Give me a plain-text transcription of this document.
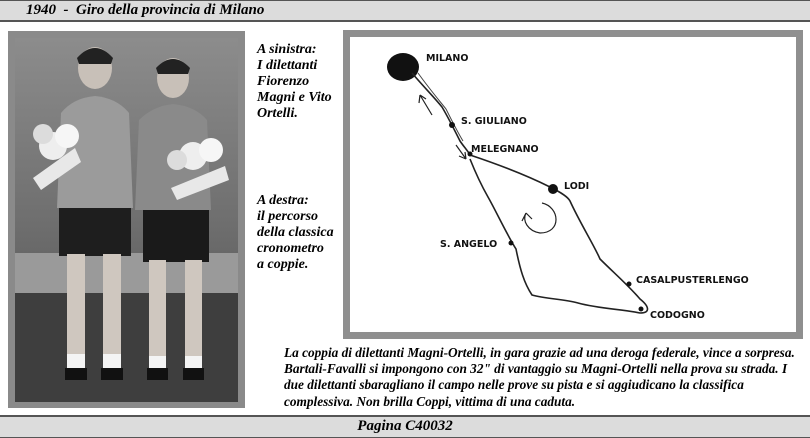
1940  -  Giro della provincia di Milano
A sinistra:
I dilettanti
Fiorenzo
Magni e Vito
Ortelli.
A destra:
il percorso
della classica
cronometro
a coppie.
MILANO
S. GIULIANO
MELEGNANO
LODI
S. ANGELO
CASALPUSTERLENGO
CODOGNO
La coppia di dilettanti Magni-Ortelli, in gara grazie ad una deroga federale, vince a sorpresa. Bartali-Favalli si impongono con 32" di vantaggio su Magni-Ortelli nella prova su strada. I due dilettanti sbaragliano il campo nelle prove su pista e si aggiudicano la classifica complessiva. Non brilla Coppi, vittima di una caduta.
Pagina C40032
